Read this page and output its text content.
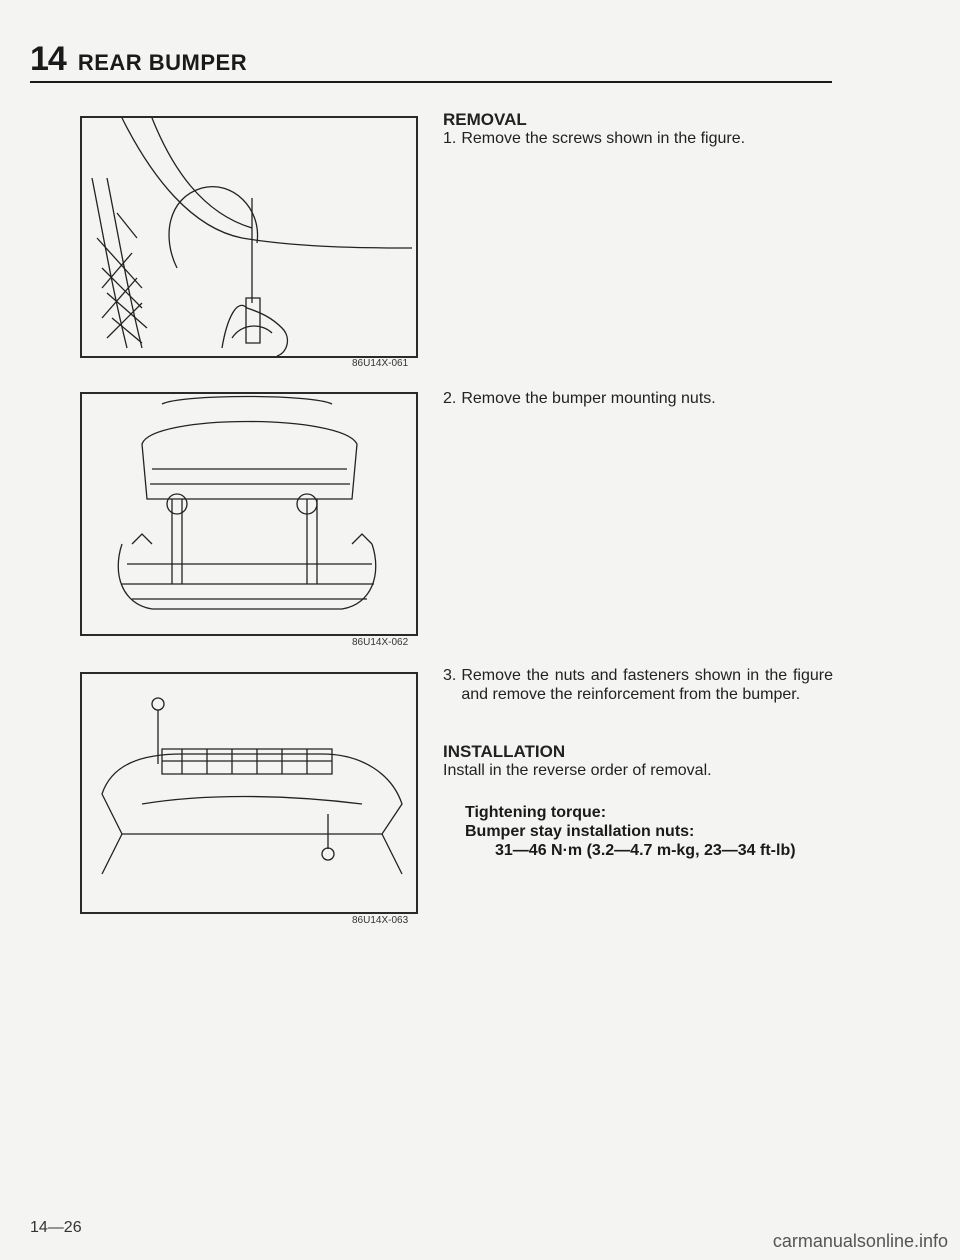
14 REAR BUMPER
86U14X-061
86U14X-062
86U14X-063
REMOVAL
1. Remove the screws shown in the figure.
2. Remove the bumper mounting nuts.
3. Remove the nuts and fasteners shown in the figure and remove the reinforcement from the bumper.
INSTALLATION
Install in the reverse order of removal.
Tightening torque:
Bumper stay installation nuts:
31—46 N·m (3.2—4.7 m-kg, 23—34 ft-lb)
14—26
carmanualsonline.info
